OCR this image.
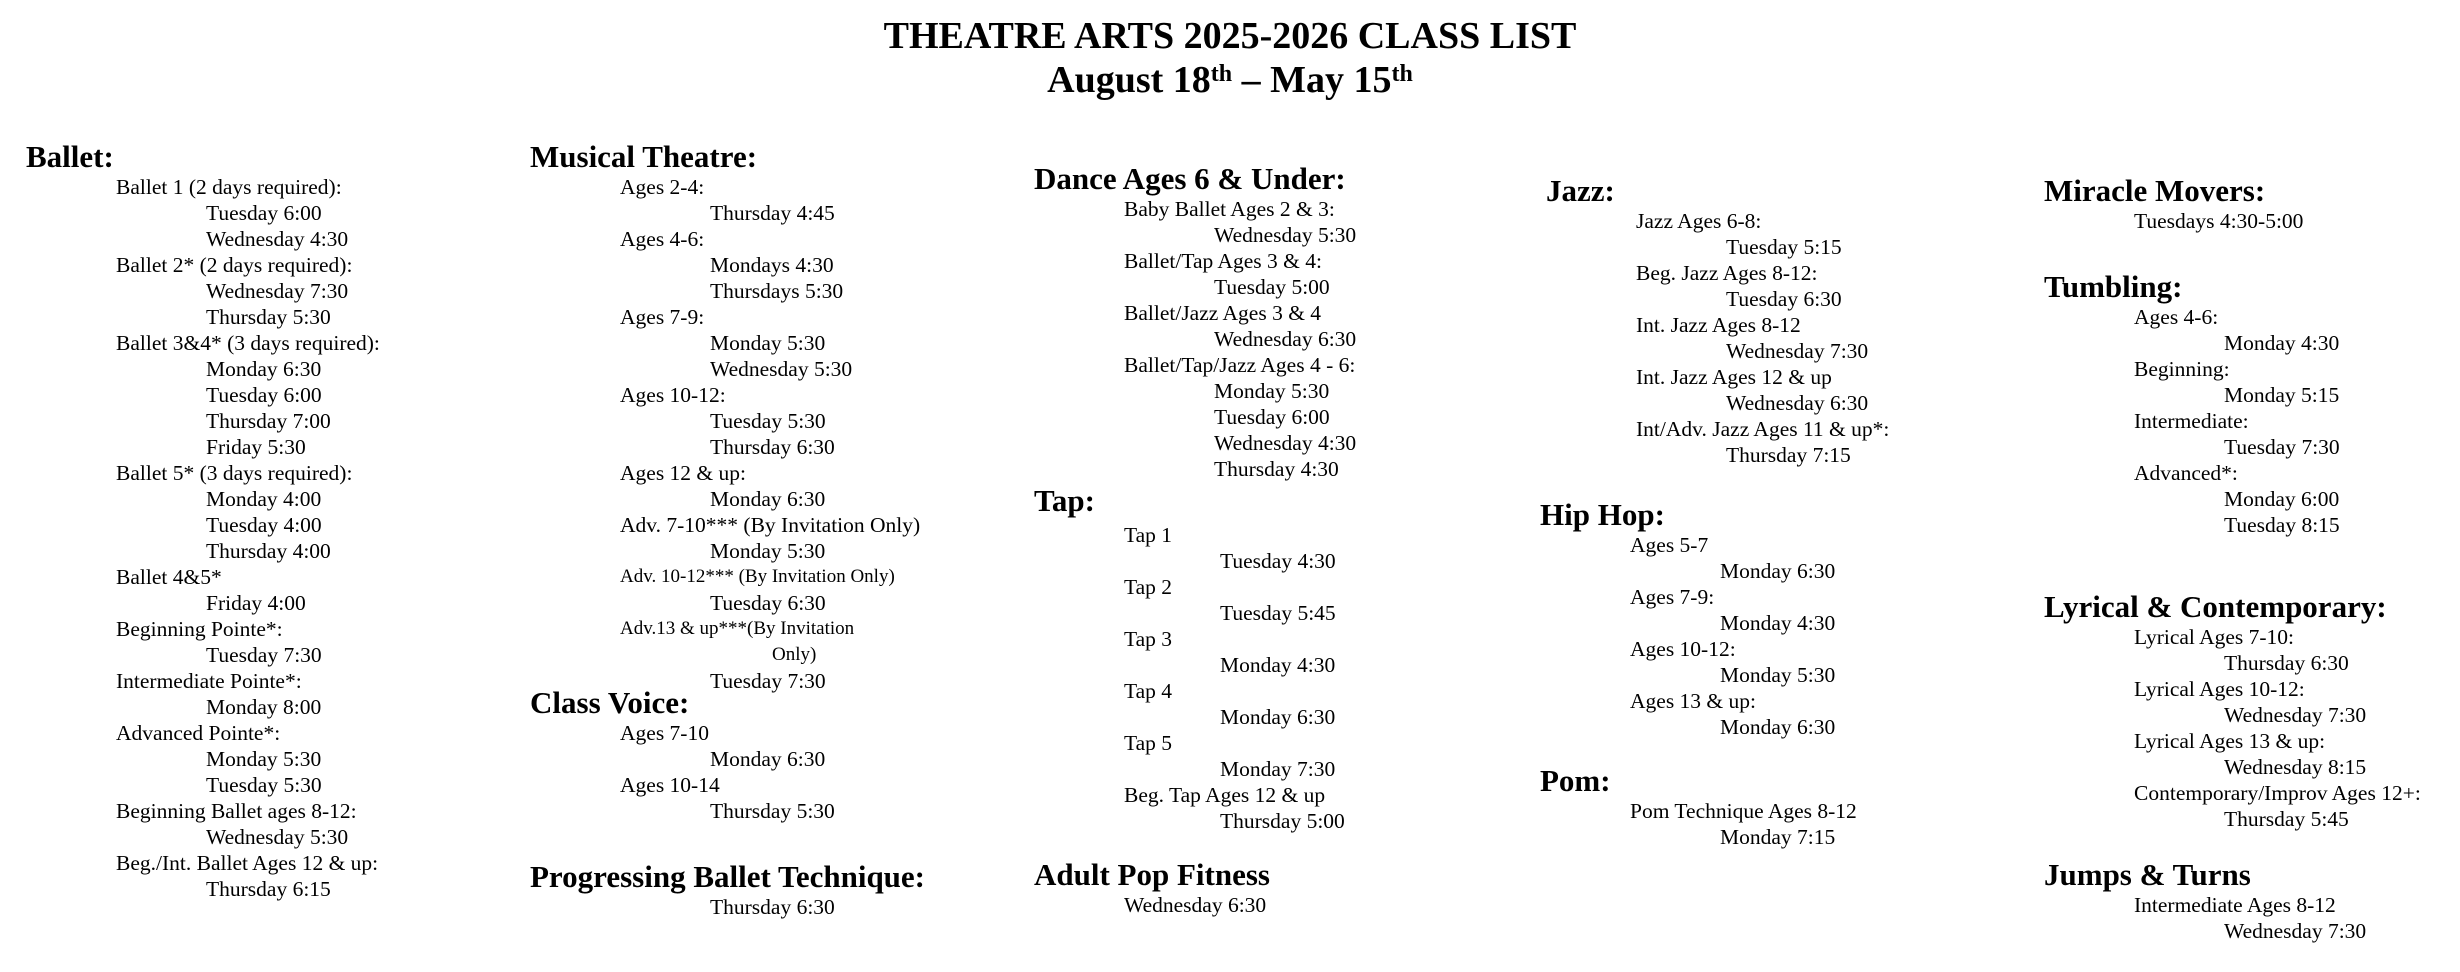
THEATRE ARTS 2025-2026 CLASS LIST
August 18th – May 15th
Ballet:
Ballet 1 (2 days required):
Tuesday 6:00
Wednesday 4:30
Ballet 2* (2 days required):
Wednesday 7:30
Thursday 5:30
Ballet 3&4* (3 days required):
Monday 6:30
Tuesday 6:00
Thursday 7:00
Friday 5:30
Ballet 5* (3 days required):
Monday 4:00
Tuesday 4:00
Thursday 4:00
Ballet 4&5*
Friday 4:00
Beginning Pointe*:
Tuesday 7:30
Intermediate Pointe*:
Monday 8:00
Advanced Pointe*:
Monday 5:30
Tuesday 5:30
Beginning Ballet ages 8-12:
Wednesday 5:30
Beg./Int. Ballet Ages 12 & up:
Thursday 6:15
Musical Theatre:
Ages 2-4:
Thursday 4:45
Ages 4-6:
Mondays 4:30
Thursdays 5:30
Ages 7-9:
Monday 5:30
Wednesday 5:30
Ages 10-12:
Tuesday 5:30
Thursday 6:30
Ages 12 & up:
Monday 6:30
Adv. 7-10*** (By Invitation Only)
Monday 5:30
Adv. 10-12*** (By Invitation Only)
Tuesday 6:30
Adv.13 & up***(By Invitation
Only)
Tuesday 7:30
Class Voice:
Ages 7-10
Monday 6:30
Ages 10-14
Thursday 5:30
Progressing Ballet Technique:
Thursday 6:30
Dance Ages 6 & Under:
Baby Ballet Ages 2 & 3:
Wednesday 5:30
Ballet/Tap Ages 3 & 4:
Tuesday 5:00
Ballet/Jazz Ages 3 & 4
Wednesday 6:30
Ballet/Tap/Jazz Ages 4 - 6:
Monday 5:30
Tuesday 6:00
Wednesday 4:30
Thursday 4:30
Tap:
Tap 1
Tuesday 4:30
Tap 2
Tuesday 5:45
Tap 3
Monday 4:30
Tap 4
Monday 6:30
Tap 5
Monday 7:30
Beg. Tap Ages 12 & up
Thursday 5:00
Adult Pop Fitness
Wednesday 6:30
Jazz:
Jazz Ages 6-8:
Tuesday 5:15
Beg. Jazz Ages 8-12:
Tuesday 6:30
Int. Jazz Ages 8-12
Wednesday 7:30
Int. Jazz Ages 12 & up
Wednesday 6:30
Int/Adv. Jazz Ages 11 & up*:
Thursday 7:15
Hip Hop:
Ages 5-7
Monday 6:30
Ages 7-9:
Monday 4:30
Ages 10-12:
Monday 5:30
Ages 13 & up:
Monday 6:30
Pom:
Pom Technique Ages 8-12
Monday 7:15
Miracle Movers:
Tuesdays 4:30-5:00
Tumbling:
Ages 4-6:
Monday 4:30
Beginning:
Monday 5:15
Intermediate:
Tuesday 7:30
Advanced*:
Monday 6:00
Tuesday 8:15
Lyrical & Contemporary:
Lyrical Ages 7-10:
Thursday 6:30
Lyrical Ages 10-12:
Wednesday 7:30
Lyrical Ages 13 & up:
Wednesday 8:15
Contemporary/Improv Ages 12+:
Thursday 5:45
Jumps & Turns
Intermediate Ages 8-12
Wednesday 7:30
